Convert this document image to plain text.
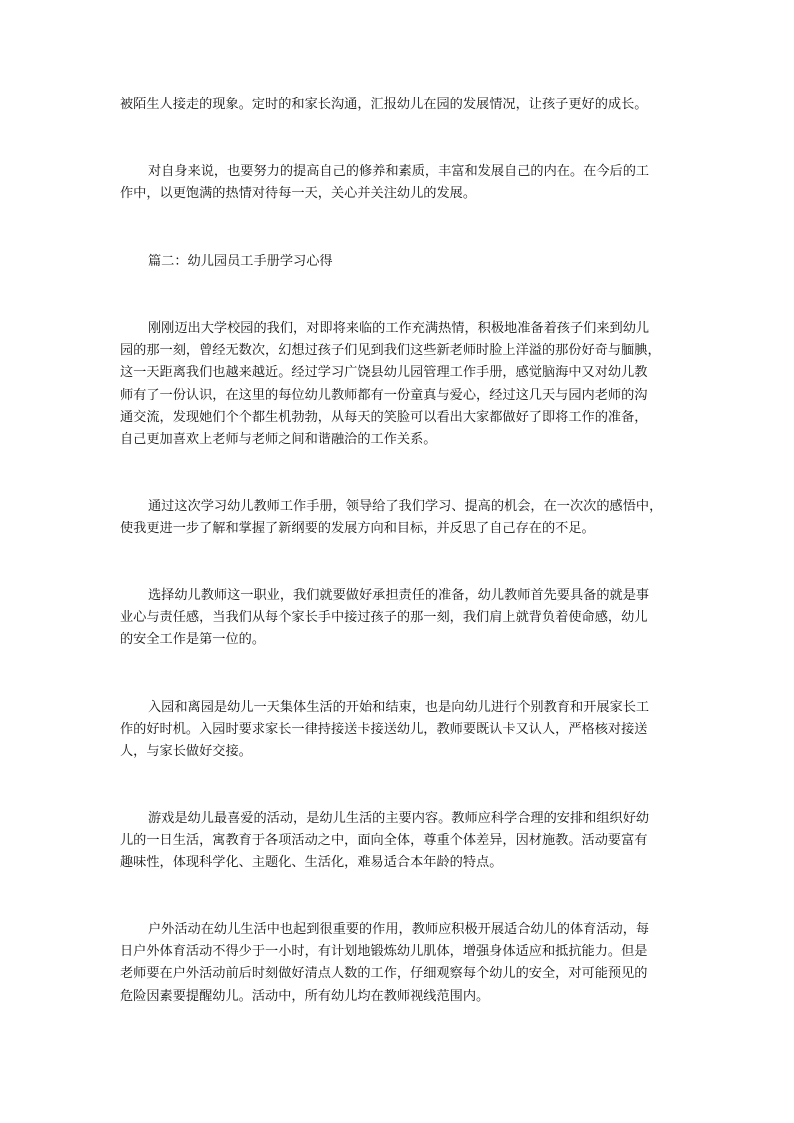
被陌生人接走的现象。定时的和家长沟通，汇报幼儿在园的发展情况，让孩子更好的成长。
对自身来说，也要努力的提高自己的修养和素质，丰富和发展自己的内在。在今后的工
作中，以更饱满的热情对待每一天，关心并关注幼儿的发展。
篇二：幼儿园员工手册学习心得
刚刚迈出大学校园的我们，对即将来临的工作充满热情，积极地准备着孩子们来到幼儿
园的那一刻，曾经无数次，幻想过孩子们见到我们这些新老师时脸上洋溢的那份好奇与腼腆，
这一天距离我们也越来越近。经过学习广饶县幼儿园管理工作手册，感觉脑海中又对幼儿教
师有了一份认识，在这里的每位幼儿教师都有一份童真与爱心，经过这几天与园内老师的沟
通交流，发现她们个个都生机勃勃，从每天的笑脸可以看出大家都做好了即将工作的准备，
自己更加喜欢上老师与老师之间和谐融洽的工作关系。
通过这次学习幼儿教师工作手册，领导给了我们学习、提高的机会，在一次次的感悟中，
使我更进一步了解和掌握了新纲要的发展方向和目标，并反思了自己存在的不足。
选择幼儿教师这一职业，我们就要做好承担责任的准备，幼儿教师首先要具备的就是事
业心与责任感，当我们从每个家长手中接过孩子的那一刻，我们肩上就背负着使命感，幼儿
的安全工作是第一位的。
入园和离园是幼儿一天集体生活的开始和结束，也是向幼儿进行个别教育和开展家长工
作的好时机。入园时要求家长一律持接送卡接送幼儿，教师要既认卡又认人，严格核对接送
人，与家长做好交接。
游戏是幼儿最喜爱的活动，是幼儿生活的主要内容。教师应科学合理的安排和组织好幼
儿的一日生活，寓教育于各项活动之中，面向全体，尊重个体差异，因材施教。活动要富有
趣味性，体现科学化、主题化、生活化，难易适合本年龄的特点。
户外活动在幼儿生活中也起到很重要的作用，教师应积极开展适合幼儿的体育活动，每
日户外体育活动不得少于一小时，有计划地锻炼幼儿肌体，增强身体适应和抵抗能力。但是
老师要在户外活动前后时刻做好清点人数的工作，仔细观察每个幼儿的安全，对可能预见的
危险因素要提醒幼儿。活动中，所有幼儿均在教师视线范围内。
